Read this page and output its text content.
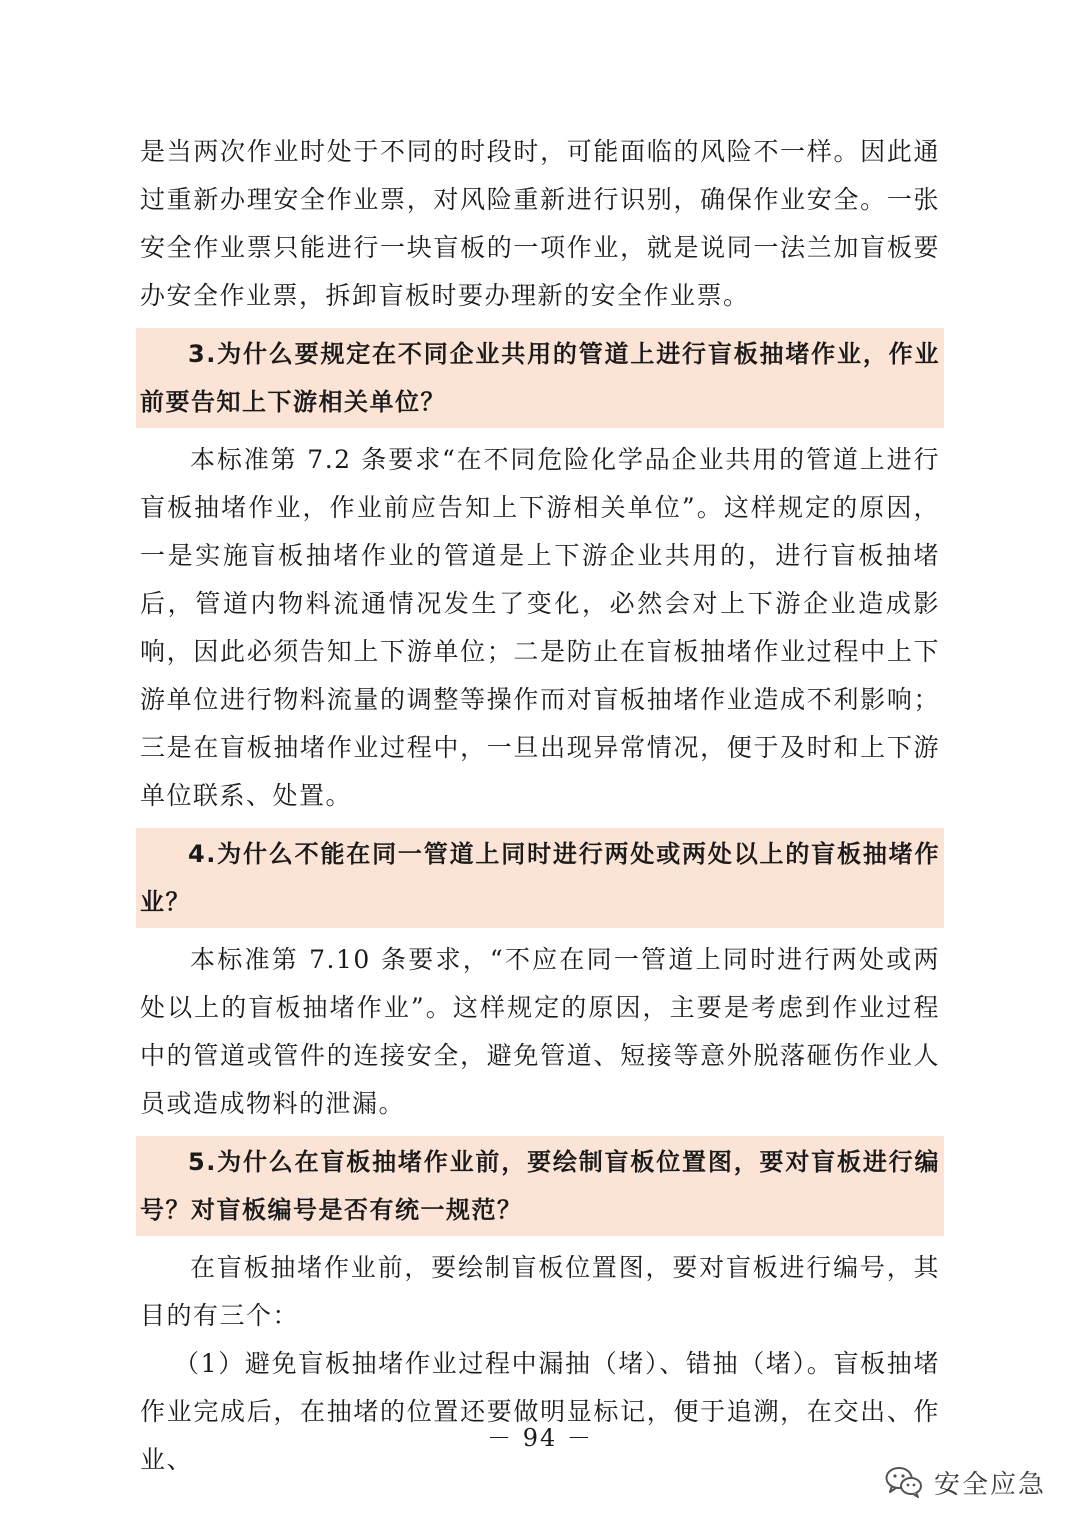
是当两次作业时处于不同的时段时，可能面临的风险不一样。因此通过重新办理安全作业票，对风险重新进行识别，确保作业安全。一张安全作业票只能进行一块盲板的一项作业，就是说同一法兰加盲板要办安全作业票，拆卸盲板时要办理新的安全作业票。

3.为什么要规定在不同企业共用的管道上进行盲板抽堵作业，作业前要告知上下游相关单位？

本标准第 7.2 条要求“在不同危险化学品企业共用的管道上进行盲板抽堵作业，作业前应告知上下游相关单位”。这样规定的原因，一是实施盲板抽堵作业的管道是上下游企业共用的，进行盲板抽堵后，管道内物料流通情况发生了变化，必然会对上下游企业造成影响，因此必须告知上下游单位；二是防止在盲板抽堵作业过程中上下游单位进行物料流量的调整等操作而对盲板抽堵作业造成不利影响；三是在盲板抽堵作业过程中，一旦出现异常情况，便于及时和上下游单位联系、处置。

4.为什么不能在同一管道上同时进行两处或两处以上的盲板抽堵作业？

本标准第 7.10 条要求，“不应在同一管道上同时进行两处或两处以上的盲板抽堵作业”。这样规定的原因，主要是考虑到作业过程中的管道或管件的连接安全，避免管道、短接等意外脱落砸伤作业人员或造成物料的泄漏。

5.为什么在盲板抽堵作业前，要绘制盲板位置图，要对盲板进行编号？对盲板编号是否有统一规范？

在盲板抽堵作业前，要绘制盲板位置图，要对盲板进行编号，其目的有三个：

（1）避免盲板抽堵作业过程中漏抽（堵）、错抽（堵）。盲板抽堵作业完成后，在抽堵的位置还要做明显标记，便于追溯，在交出、作业、

－ 94 －
安全应急
